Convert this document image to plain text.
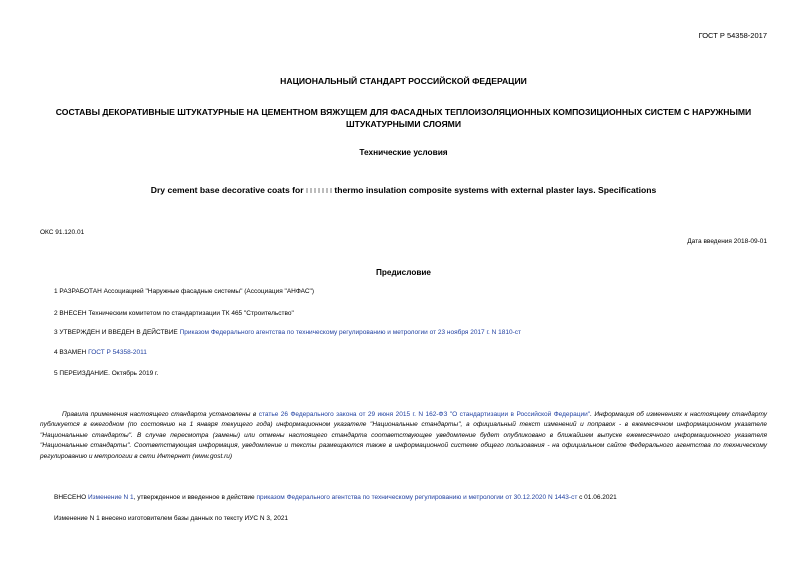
ГОСТ Р 54358-2017
НАЦИОНАЛЬНЫЙ СТАНДАРТ РОССИЙСКОЙ ФЕДЕРАЦИИ
СОСТАВЫ ДЕКОРАТИВНЫЕ ШТУКАТУРНЫЕ НА ЦЕМЕНТНОМ ВЯЖУЩЕМ ДЛЯ ФАСАДНЫХ ТЕПЛОИЗОЛЯЦИОННЫХ КОМПОЗИЦИОННЫХ СИСТЕМ С НАРУЖНЫМИ ШТУКАТУРНЫМИ СЛОЯМИ
Технические условия
Dry cement base decorative coats for	thermo insulation composite systems with external plaster lays. Specifications
ОКС 91.120.01
Дата введения 2018-09-01
Предисловие
1 РАЗРАБОТАН Ассоциацией "Наружные фасадные системы" (Ассоциация "АНФАС")
2 ВНЕСЕН Техническим комитетом по стандартизации ТК 465 "Строительство"
3 УТВЕРЖДЕН И ВВЕДЕН В ДЕЙСТВИЕ Приказом Федерального агентства по техническому регулированию и метрологии от 23 ноября 2017 г. N 1810-ст
4 ВЗАМЕН ГОСТ Р 54358-2011
5 ПЕРЕИЗДАНИЕ. Октябрь 2019 г.
Правила применения настоящего стандарта установлены в статье 26 Федерального закона от 29 июня 2015 г. N 162-ФЗ "О стандартизации в Российской Федерации". Информация об изменениях к настоящему стандарту публикуется в ежегодном (по состоянию на 1 января текущего года) информационном указателе "Национальные стандарты", а официальный текст изменений и поправок - в ежемесячном информационном указателе "Национальные стандарты". В случае пересмотра (замены) или отмены настоящего стандарта соответствующее уведомление будет опубликовано в ближайшем выпуске ежемесячного информационного указателя "Национальные стандарты". Соответствующая информация, уведомление и тексты размещаются также в информационной системе общего пользования - на официальном сайте Федерального агентства по техническому регулированию и метрологии в сети Интернет (www.gost.ru)
ВНЕСЕНО Изменение N 1, утвержденное и введенное в действие приказом Федерального агентства по техническому регулированию и метрологии от 30.12.2020 N 1443-ст с 01.06.2021
Изменение N 1 внесено изготовителем базы данных по тексту ИУС N 3, 2021
